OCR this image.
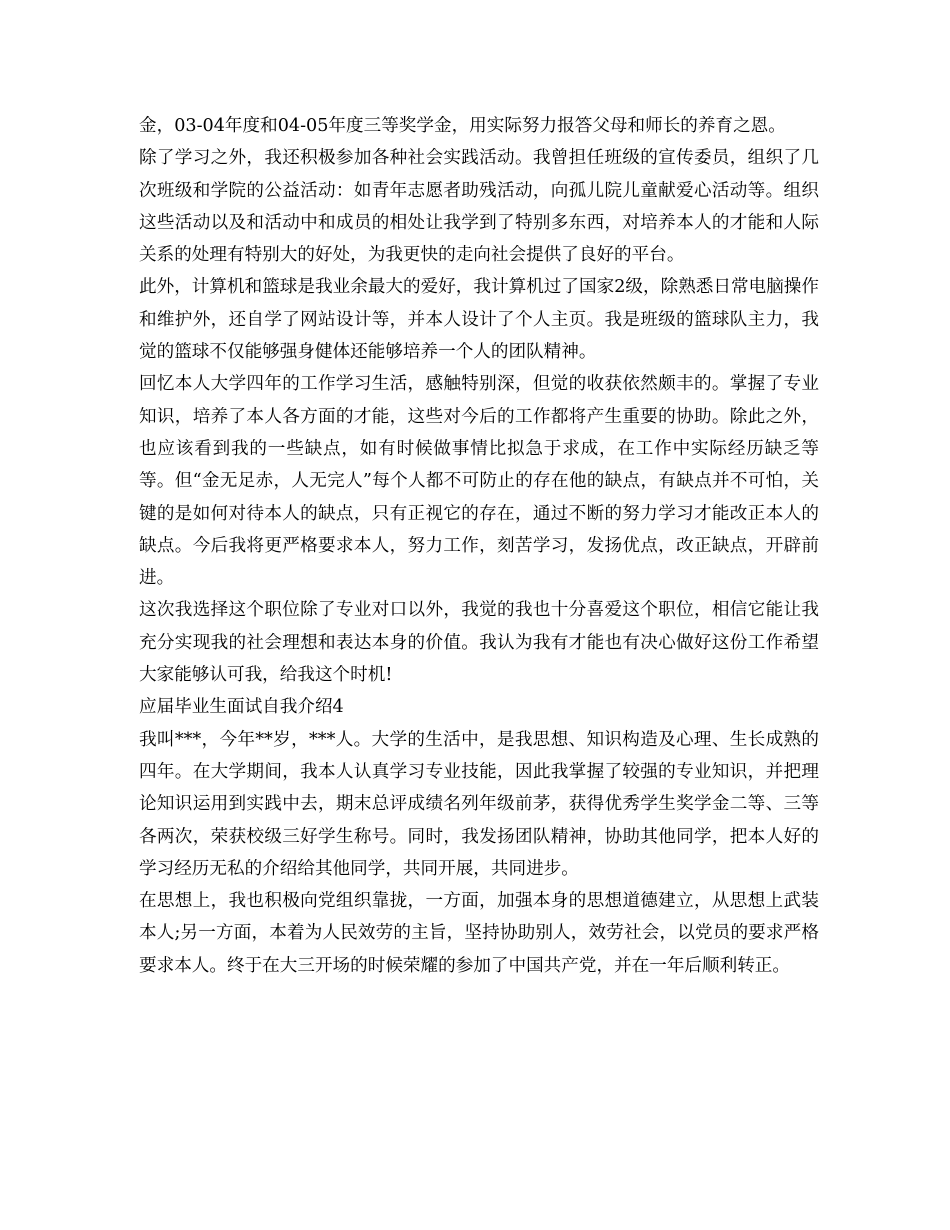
金，03-04年度和04-05年度三等奖学金，用实际努力报答父母和师长的养育之恩。

除了学习之外，我还积极参加各种社会实践活动。我曾担任班级的宣传委员，组织了几次班级和学院的公益活动：如青年志愿者助残活动，向孤儿院儿童献爱心活动等。组织这些活动以及和活动中和成员的相处让我学到了特别多东西，对培养本人的才能和人际关系的处理有特别大的好处，为我更快的走向社会提供了良好的平台。

此外，计算机和篮球是我业余最大的爱好，我计算机过了国家2级，除熟悉日常电脑操作和维护外，还自学了网站设计等，并本人设计了个人主页。我是班级的篮球队主力，我觉的篮球不仅能够强身健体还能够培养一个人的团队精神。

回忆本人大学四年的工作学习生活，感触特别深，但觉的收获依然颇丰的。掌握了专业知识，培养了本人各方面的才能，这些对今后的工作都将产生重要的协助。除此之外，也应该看到我的一些缺点，如有时候做事情比拟急于求成，在工作中实际经历缺乏等等。但“金无足赤，人无完人”每个人都不可防止的存在他的缺点，有缺点并不可怕，关键的是如何对待本人的缺点，只有正视它的存在，通过不断的努力学习才能改正本人的缺点。今后我将更严格要求本人，努力工作，刻苦学习，发扬优点，改正缺点，开辟前进。

这次我选择这个职位除了专业对口以外，我觉的我也十分喜爱这个职位，相信它能让我充分实现我的社会理想和表达本身的价值。我认为我有才能也有决心做好这份工作希望大家能够认可我，给我这个时机!

应届毕业生面试自我介绍4

我叫***，今年**岁，***人。大学的生活中，是我思想、知识构造及心理、生长成熟的四年。在大学期间，我本人认真学习专业技能，因此我掌握了较强的专业知识，并把理论知识运用到实践中去，期末总评成绩名列年级前茅，获得优秀学生奖学金二等、三等各两次，荣获校级三好学生称号。同时，我发扬团队精神，协助其他同学，把本人好的学习经历无私的介绍给其他同学，共同开展，共同进步。

在思想上，我也积极向党组织靠拢，一方面，加强本身的思想道德建立，从思想上武装本人;另一方面，本着为人民效劳的主旨，坚持协助别人，效劳社会，以党员的要求严格要求本人。终于在大三开场的时候荣耀的参加了中国共产党，并在一年后顺利转正。
